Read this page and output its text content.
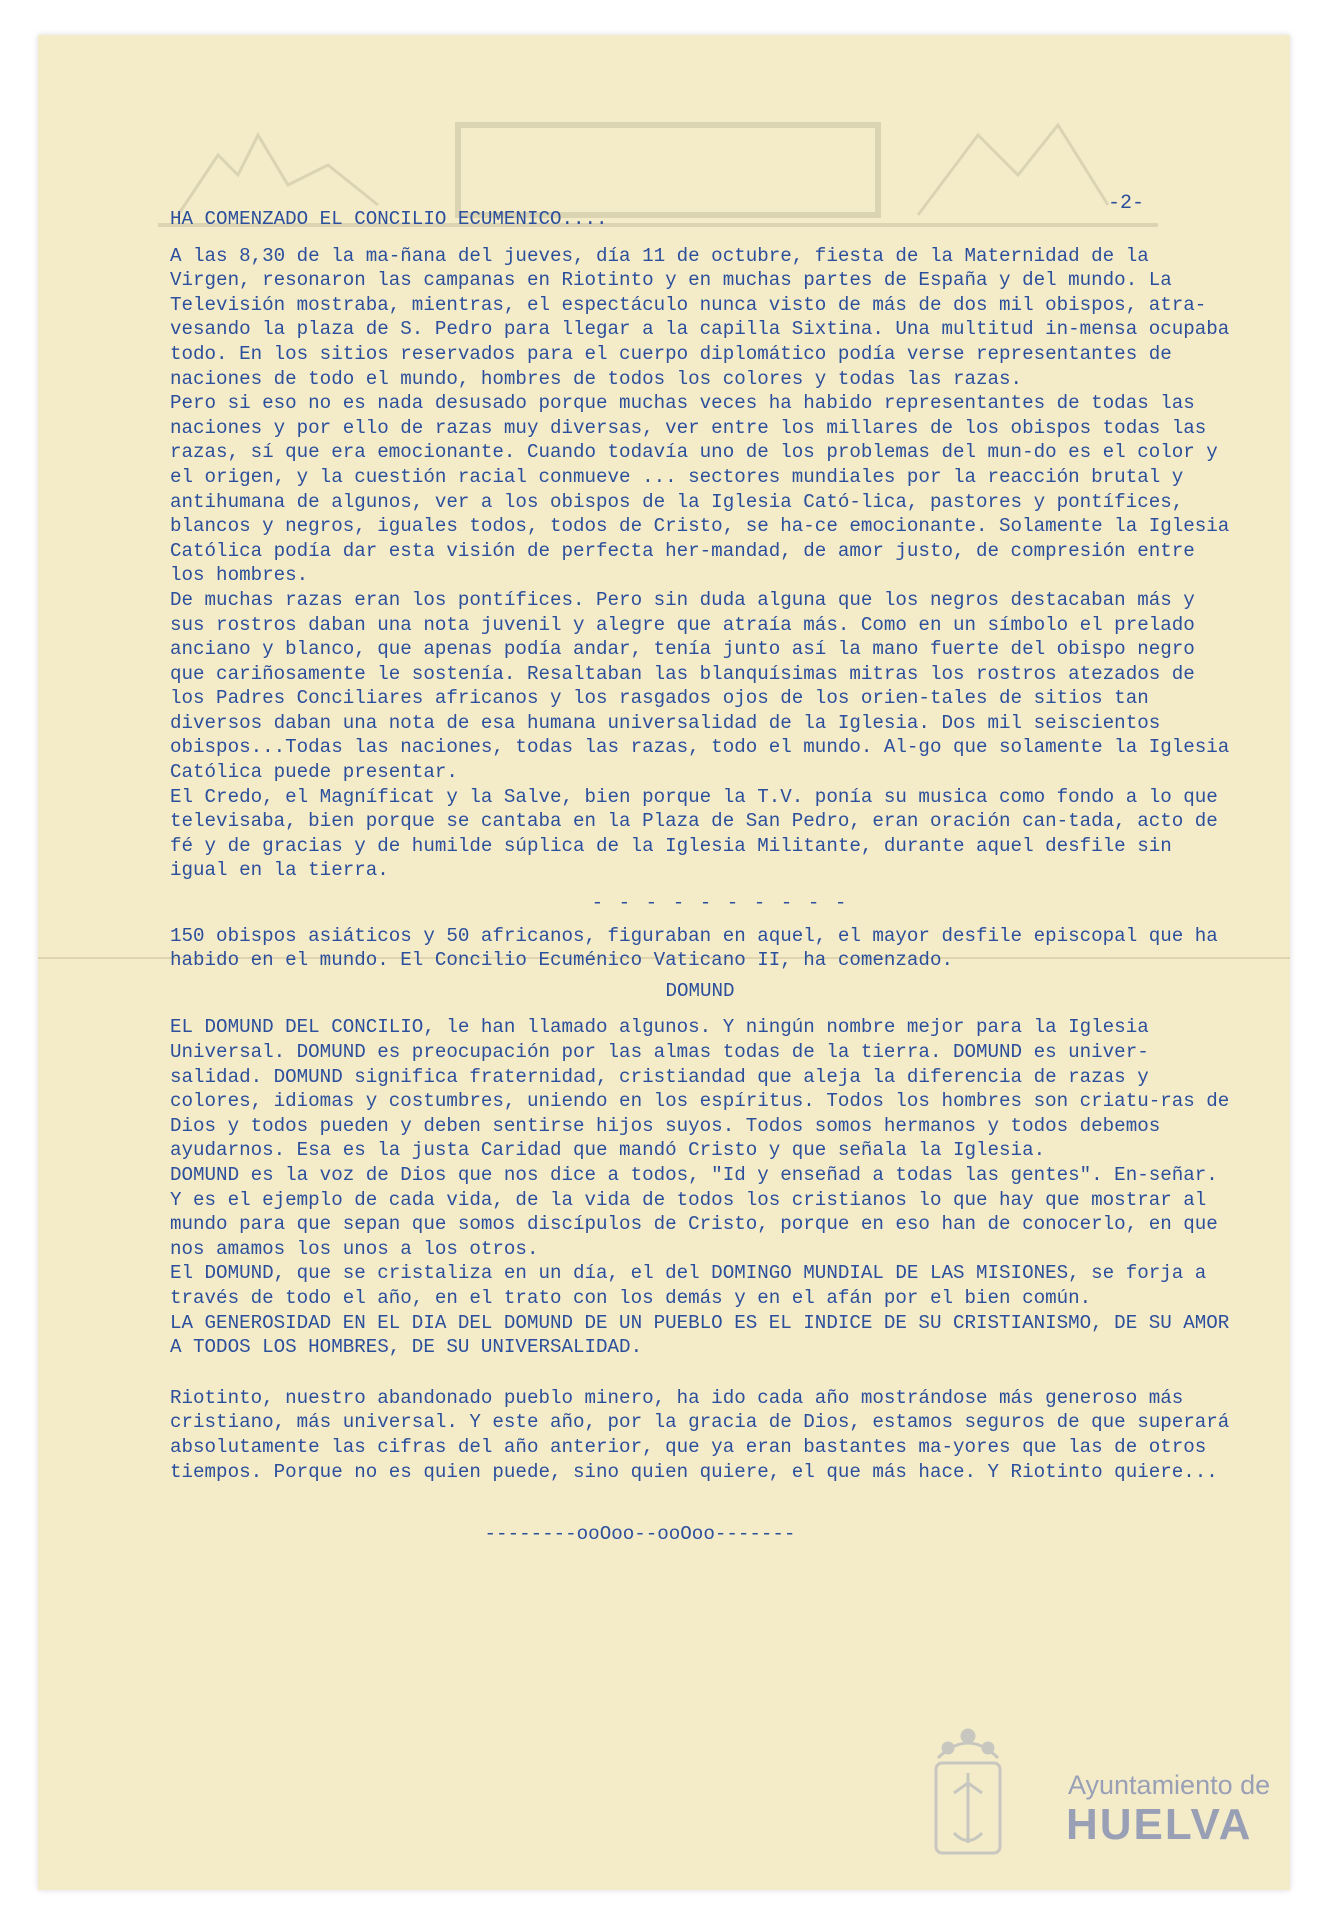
-2-

HA COMENZADO EL CONCILIO ECUMENICO....

A las 8,30 de la ma-ñana del jueves, día 11 de octubre, fiesta de la Maternidad de la Virgen, resonaron las campanas en Riotinto y en muchas partes de España y del mundo. La Televisión mostraba, mientras, el espectáculo nunca visto de más de dos mil obispos, atra-vesando la plaza de S. Pedro para llegar a la capilla Sixtina. Una multitud in-mensa ocupaba todo. En los sitios reservados para el cuerpo diplomático podía verse representantes de naciones de todo el mundo, hombres de todos los colores y todas las razas.

Pero si eso no es nada desusado porque muchas veces ha habido representantes de todas las naciones y por ello de razas muy diversas, ver entre los millares de los obispos todas las razas, sí que era emocionante. Cuando todavía uno de los problemas del mun-do es el color y el origen, y la cuestión racial conmueve ... sectores mundiales por la reacción brutal y antihumana de algunos, ver a los obispos de la Iglesia Cató-lica, pastores y pontífices, blancos y negros, iguales todos, todos de Cristo, se ha-ce emocionante. Solamente la Iglesia Católica podía dar esta visión de perfecta her-mandad, de amor justo, de compresión entre los hombres.

De muchas razas eran los pontífices. Pero sin duda alguna que los negros destacaban más y sus rostros daban una nota juvenil y alegre que atraía más. Como en un símbolo el prelado anciano y blanco, que apenas podía andar, tenía junto así la mano fuerte del obispo negro que cariñosamente le sostenía. Resaltaban las blanquísimas mitras los rostros atezados de los Padres Conciliares africanos y los rasgados ojos de los orien-tales de sitios tan diversos daban una nota de esa humana universalidad de la Iglesia. Dos mil seiscientos obispos...Todas las naciones, todas las razas, todo el mundo. Al-go que solamente la Iglesia Católica puede presentar.

El Credo, el Magníficat y la Salve, bien porque la T.V. ponía su musica como fondo a lo que televisaba, bien porque se cantaba en la Plaza de San Pedro, eran oración can-tada, acto de fé y de gracias y de humilde súplica de la Iglesia Militante, durante aquel desfile sin igual en la tierra.

- - - - - - - - - -

150 obispos asiáticos y 50 africanos, figuraban en aquel, el mayor desfile episcopal que ha habido en el mundo. El Concilio Ecuménico Vaticano II, ha comenzado.

DOMUND

EL DOMUND DEL CONCILIO, le han llamado algunos. Y ningún nombre mejor para la Iglesia Universal. DOMUND es preocupación por las almas todas de la tierra. DOMUND es univer-salidad. DOMUND significa fraternidad, cristiandad que aleja la diferencia de razas y colores, idiomas y costumbres, uniendo en los espíritus. Todos los hombres son criatu-ras de Dios y todos pueden y deben sentirse hijos suyos. Todos somos hermanos y todos debemos ayudarnos. Esa es la justa Caridad que mandó Cristo y que señala la Iglesia.

DOMUND es la voz de Dios que nos dice a todos, "Id y enseñad a todas las gentes". En-señar. Y es el ejemplo de cada vida, de la vida de todos los cristianos lo que hay que mostrar al mundo para que sepan que somos discípulos de Cristo, porque en eso han de conocerlo, en que nos amamos los unos a los otros.

El DOMUND, que se cristaliza en un día, el del DOMINGO MUNDIAL DE LAS MISIONES, se forja a través de todo el año, en el trato con los demás y en el afán por el bien común.

LA GENEROSIDAD EN EL DIA DEL DOMUND DE UN PUEBLO ES EL INDICE DE SU CRISTIANISMO, DE SU AMOR A TODOS LOS HOMBRES, DE SU UNIVERSALIDAD.

Riotinto, nuestro abandonado pueblo minero, ha ido cada año mostrándose más generoso más cristiano, más universal. Y este año, por la gracia de Dios, estamos seguros de que superará absolutamente las cifras del año anterior, que ya eran bastantes ma-yores que las de otros tiempos. Porque no es quien puede, sino quien quiere, el que más hace. Y Riotinto quiere...

--------ooOoo--ooOoo-------

Ayuntamiento de
HUELVA
